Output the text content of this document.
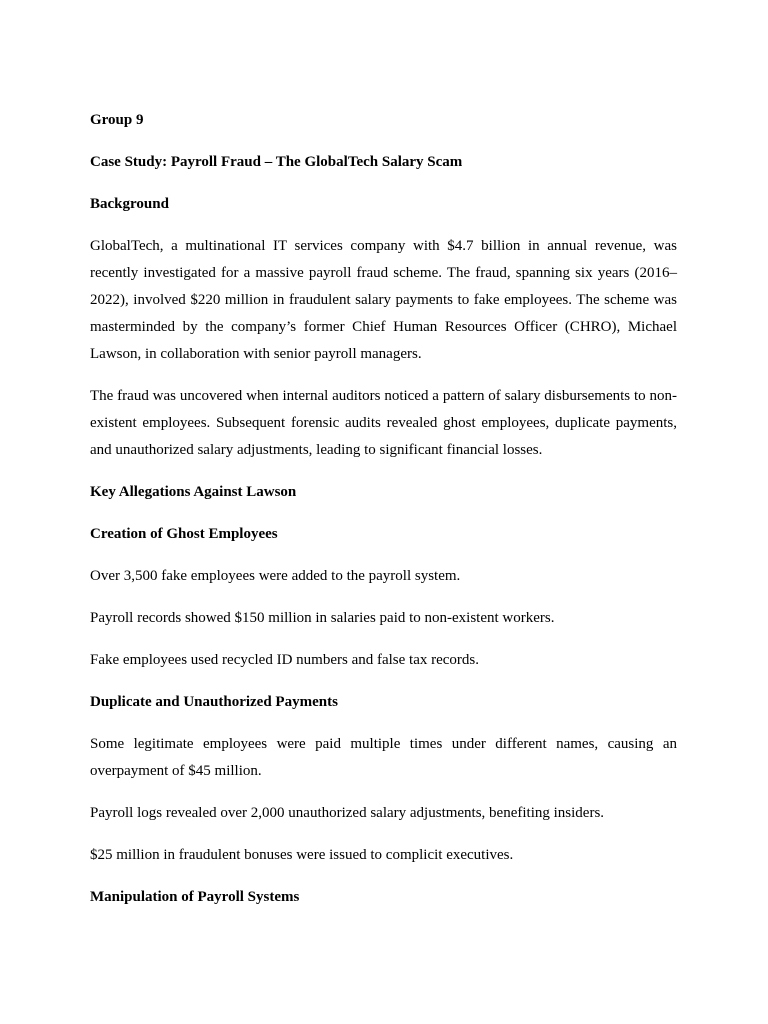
Group 9

Case Study: Payroll Fraud – The GlobalTech Salary Scam

Background

GlobalTech, a multinational IT services company with $4.7 billion in annual revenue, was recently investigated for a massive payroll fraud scheme. The fraud, spanning six years (2016–2022), involved $220 million in fraudulent salary payments to fake employees. The scheme was masterminded by the company’s former Chief Human Resources Officer (CHRO), Michael Lawson, in collaboration with senior payroll managers.

The fraud was uncovered when internal auditors noticed a pattern of salary disbursements to non-existent employees. Subsequent forensic audits revealed ghost employees, duplicate payments, and unauthorized salary adjustments, leading to significant financial losses.

Key Allegations Against Lawson

Creation of Ghost Employees

Over 3,500 fake employees were added to the payroll system.

Payroll records showed $150 million in salaries paid to non-existent workers.

Fake employees used recycled ID numbers and false tax records.

Duplicate and Unauthorized Payments

Some legitimate employees were paid multiple times under different names, causing an overpayment of $45 million.

Payroll logs revealed over 2,000 unauthorized salary adjustments, benefiting insiders.

$25 million in fraudulent bonuses were issued to complicit executives.

Manipulation of Payroll Systems
